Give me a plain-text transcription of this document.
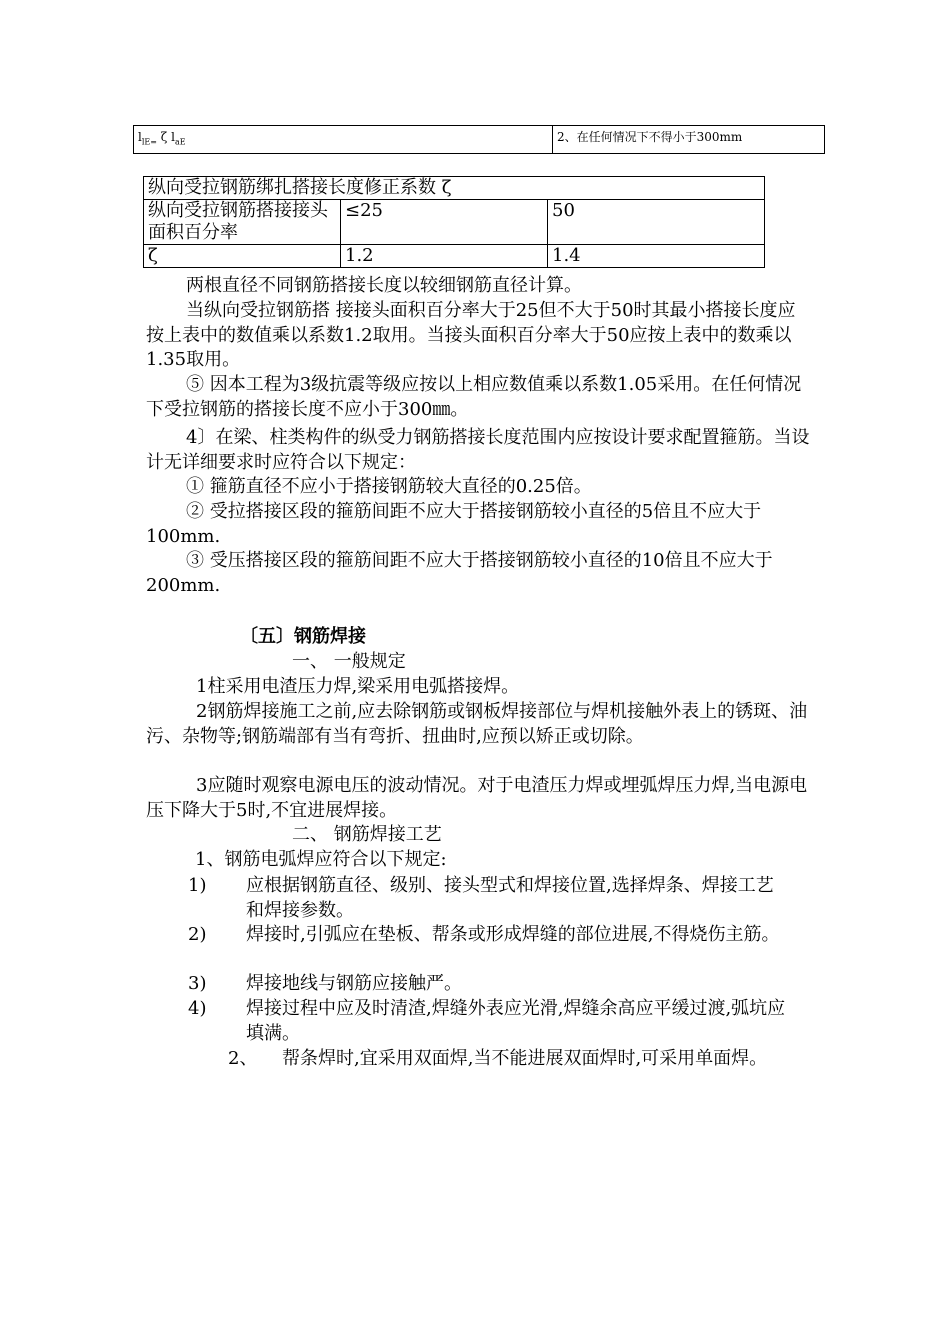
$l_{lE=}$ ζ $l_{aE}$	2、在任何情况下不得小于300mm
纵向受拉钢筋绑扎搭接长度修正系数 ζ		
纵向受拉钢筋搭接接头面积百分率	≤25	50
ζ	1.2	1.4
两根直径不同钢筋搭接长度以较细钢筋直径计算。
当纵向受拉钢筋搭 接接头面积百分率大于25但不大于50时其最小搭接长度应按上表中的数值乘以系数1.2取用。当接头面积百分率大于50应按上表中的数乘以1.35取用。
⑤ 因本工程为3级抗震等级应按以上相应数值乘以系数1.05采用。在任何情况下受拉钢筋的搭接长度不应小于300㎜。
4〕在梁、柱类构件的纵受力钢筋搭接长度范围内应按设计要求配置箍筋。当设计无详细要求时应符合以下规定：
① 箍筋直径不应小于搭接钢筋较大直径的0.25倍。
② 受拉搭接区段的箍筋间距不应大于搭接钢筋较小直径的5倍且不应大于100mm.
③ 受压搭接区段的箍筋间距不应大于搭接钢筋较小直径的10倍且不应大于200mm.
〔五〕钢筋焊接
一、 一般规定
1柱采用电渣压力焊,梁采用电弧搭接焊。
2钢筋焊接施工之前,应去除钢筋或钢板焊接部位与焊机接触外表上的锈斑、油污、杂物等;钢筋端部有当有弯折、扭曲时,应预以矫正或切除。
3应随时观察电源电压的波动情况。对于电渣压力焊或埋弧焊压力焊,当电源电压下降大于5时,不宜进展焊接。
二、 钢筋焊接工艺
1、钢筋电弧焊应符合以下规定:
1) 应根据钢筋直径、级别、接头型式和焊接位置,选择焊条、焊接工艺和焊接参数。
2) 焊接时,引弧应在垫板、帮条或形成焊缝的部位进展,不得烧伤主筋。
3) 焊接地线与钢筋应接触严。
4) 焊接过程中应及时清渣,焊缝外表应光滑,焊缝余高应平缓过渡,弧坑应填满。
2、	帮条焊时,宜采用双面焊,当不能进展双面焊时,可采用单面焊。
